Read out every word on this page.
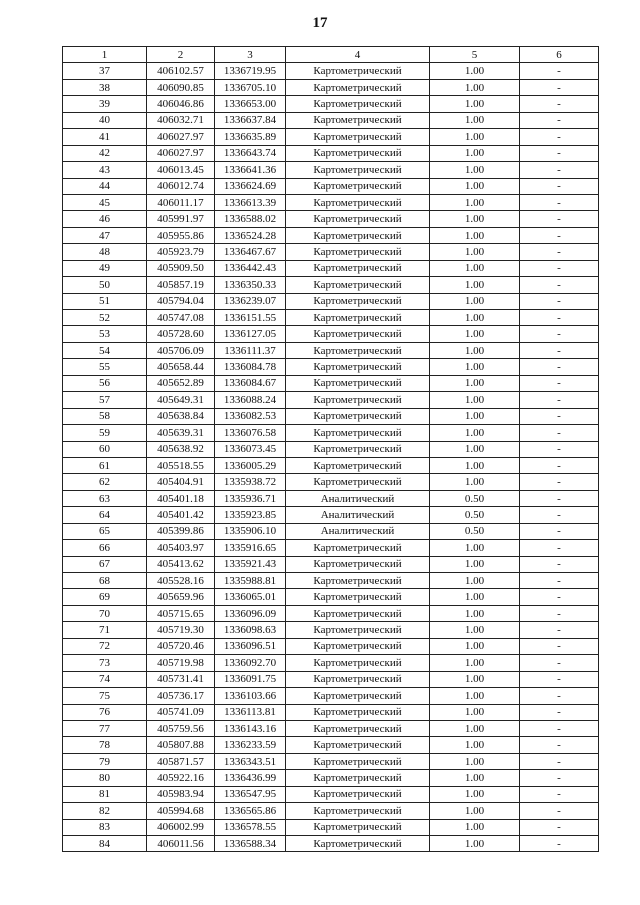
17
1	2	3	4	5	6
37	406102.57	1336719.95	Картометрический	1.00	-
38	406090.85	1336705.10	Картометрический	1.00	-
39	406046.86	1336653.00	Картометрический	1.00	-
40	406032.71	1336637.84	Картометрический	1.00	-
41	406027.97	1336635.89	Картометрический	1.00	-
42	406027.97	1336643.74	Картометрический	1.00	-
43	406013.45	1336641.36	Картометрический	1.00	-
44	406012.74	1336624.69	Картометрический	1.00	-
45	406011.17	1336613.39	Картометрический	1.00	-
46	405991.97	1336588.02	Картометрический	1.00	-
47	405955.86	1336524.28	Картометрический	1.00	-
48	405923.79	1336467.67	Картометрический	1.00	-
49	405909.50	1336442.43	Картометрический	1.00	-
50	405857.19	1336350.33	Картометрический	1.00	-
51	405794.04	1336239.07	Картометрический	1.00	-
52	405747.08	1336151.55	Картометрический	1.00	-
53	405728.60	1336127.05	Картометрический	1.00	-
54	405706.09	1336111.37	Картометрический	1.00	-
55	405658.44	1336084.78	Картометрический	1.00	-
56	405652.89	1336084.67	Картометрический	1.00	-
57	405649.31	1336088.24	Картометрический	1.00	-
58	405638.84	1336082.53	Картометрический	1.00	-
59	405639.31	1336076.58	Картометрический	1.00	-
60	405638.92	1336073.45	Картометрический	1.00	-
61	405518.55	1336005.29	Картометрический	1.00	-
62	405404.91	1335938.72	Картометрический	1.00	-
63	405401.18	1335936.71	Аналитический	0.50	-
64	405401.42	1335923.85	Аналитический	0.50	-
65	405399.86	1335906.10	Аналитический	0.50	-
66	405403.97	1335916.65	Картометрический	1.00	-
67	405413.62	1335921.43	Картометрический	1.00	-
68	405528.16	1335988.81	Картометрический	1.00	-
69	405659.96	1336065.01	Картометрический	1.00	-
70	405715.65	1336096.09	Картометрический	1.00	-
71	405719.30	1336098.63	Картометрический	1.00	-
72	405720.46	1336096.51	Картометрический	1.00	-
73	405719.98	1336092.70	Картометрический	1.00	-
74	405731.41	1336091.75	Картометрический	1.00	-
75	405736.17	1336103.66	Картометрический	1.00	-
76	405741.09	1336113.81	Картометрический	1.00	-
77	405759.56	1336143.16	Картометрический	1.00	-
78	405807.88	1336233.59	Картометрический	1.00	-
79	405871.57	1336343.51	Картометрический	1.00	-
80	405922.16	1336436.99	Картометрический	1.00	-
81	405983.94	1336547.95	Картометрический	1.00	-
82	405994.68	1336565.86	Картометрический	1.00	-
83	406002.99	1336578.55	Картометрический	1.00	-
84	406011.56	1336588.34	Картометрический	1.00	-
